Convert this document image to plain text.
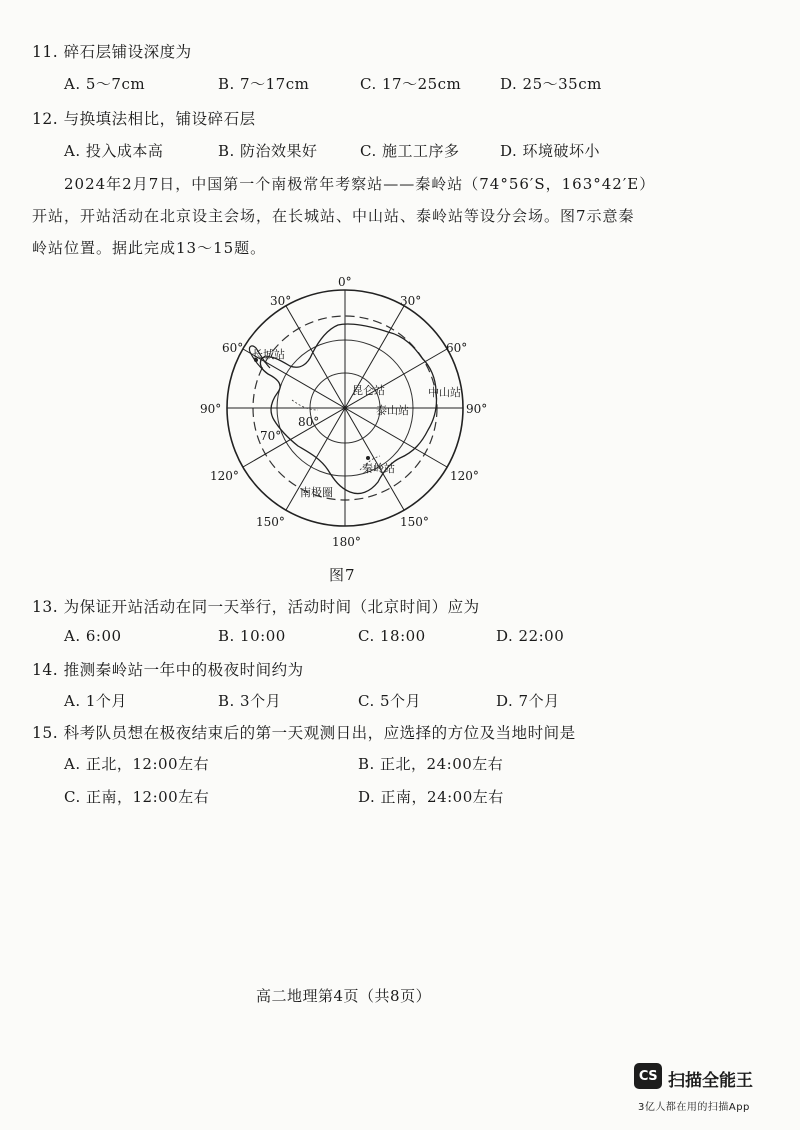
11. 碎石层铺设深度为
A. 5～7cm	B. 7～17cm	C. 17～25cm	D. 25～35cm
12. 与换填法相比，铺设碎石层
A. 投入成本高	B. 防治效果好	C. 施工工序多	D. 环境破坏小
2024年2月7日，中国第一个南极常年考察站——秦岭站（74°56′S，163°42′E）
开站，开站活动在北京设主会场，在长城站、中山站、泰岭站等设分会场。图7示意秦
岭站位置。据此完成13～15题。
0°
30°	30°
60°	60°
90°	90°
120°	120°
150°	150°
180°
80°
70°
长城站
昆仑站	中山站
泰山站
秦岭站
南极圈
图7
13. 为保证开站活动在同一天举行，活动时间（北京时间）应为
A. 6:00	B. 10:00	C. 18:00	D. 22:00
14. 推测秦岭站一年中的极夜时间约为
A. 1个月	B. 3个月	C. 5个月	D. 7个月
15. 科考队员想在极夜结束后的第一天观测日出，应选择的方位及当地时间是
A. 正北，12:00左右	B. 正北，24:00左右
C. 正南，12:00左右	D. 正南，24:00左右
高二地理第4页（共8页）
CS 扫描全能王
3亿人都在用的扫描App
